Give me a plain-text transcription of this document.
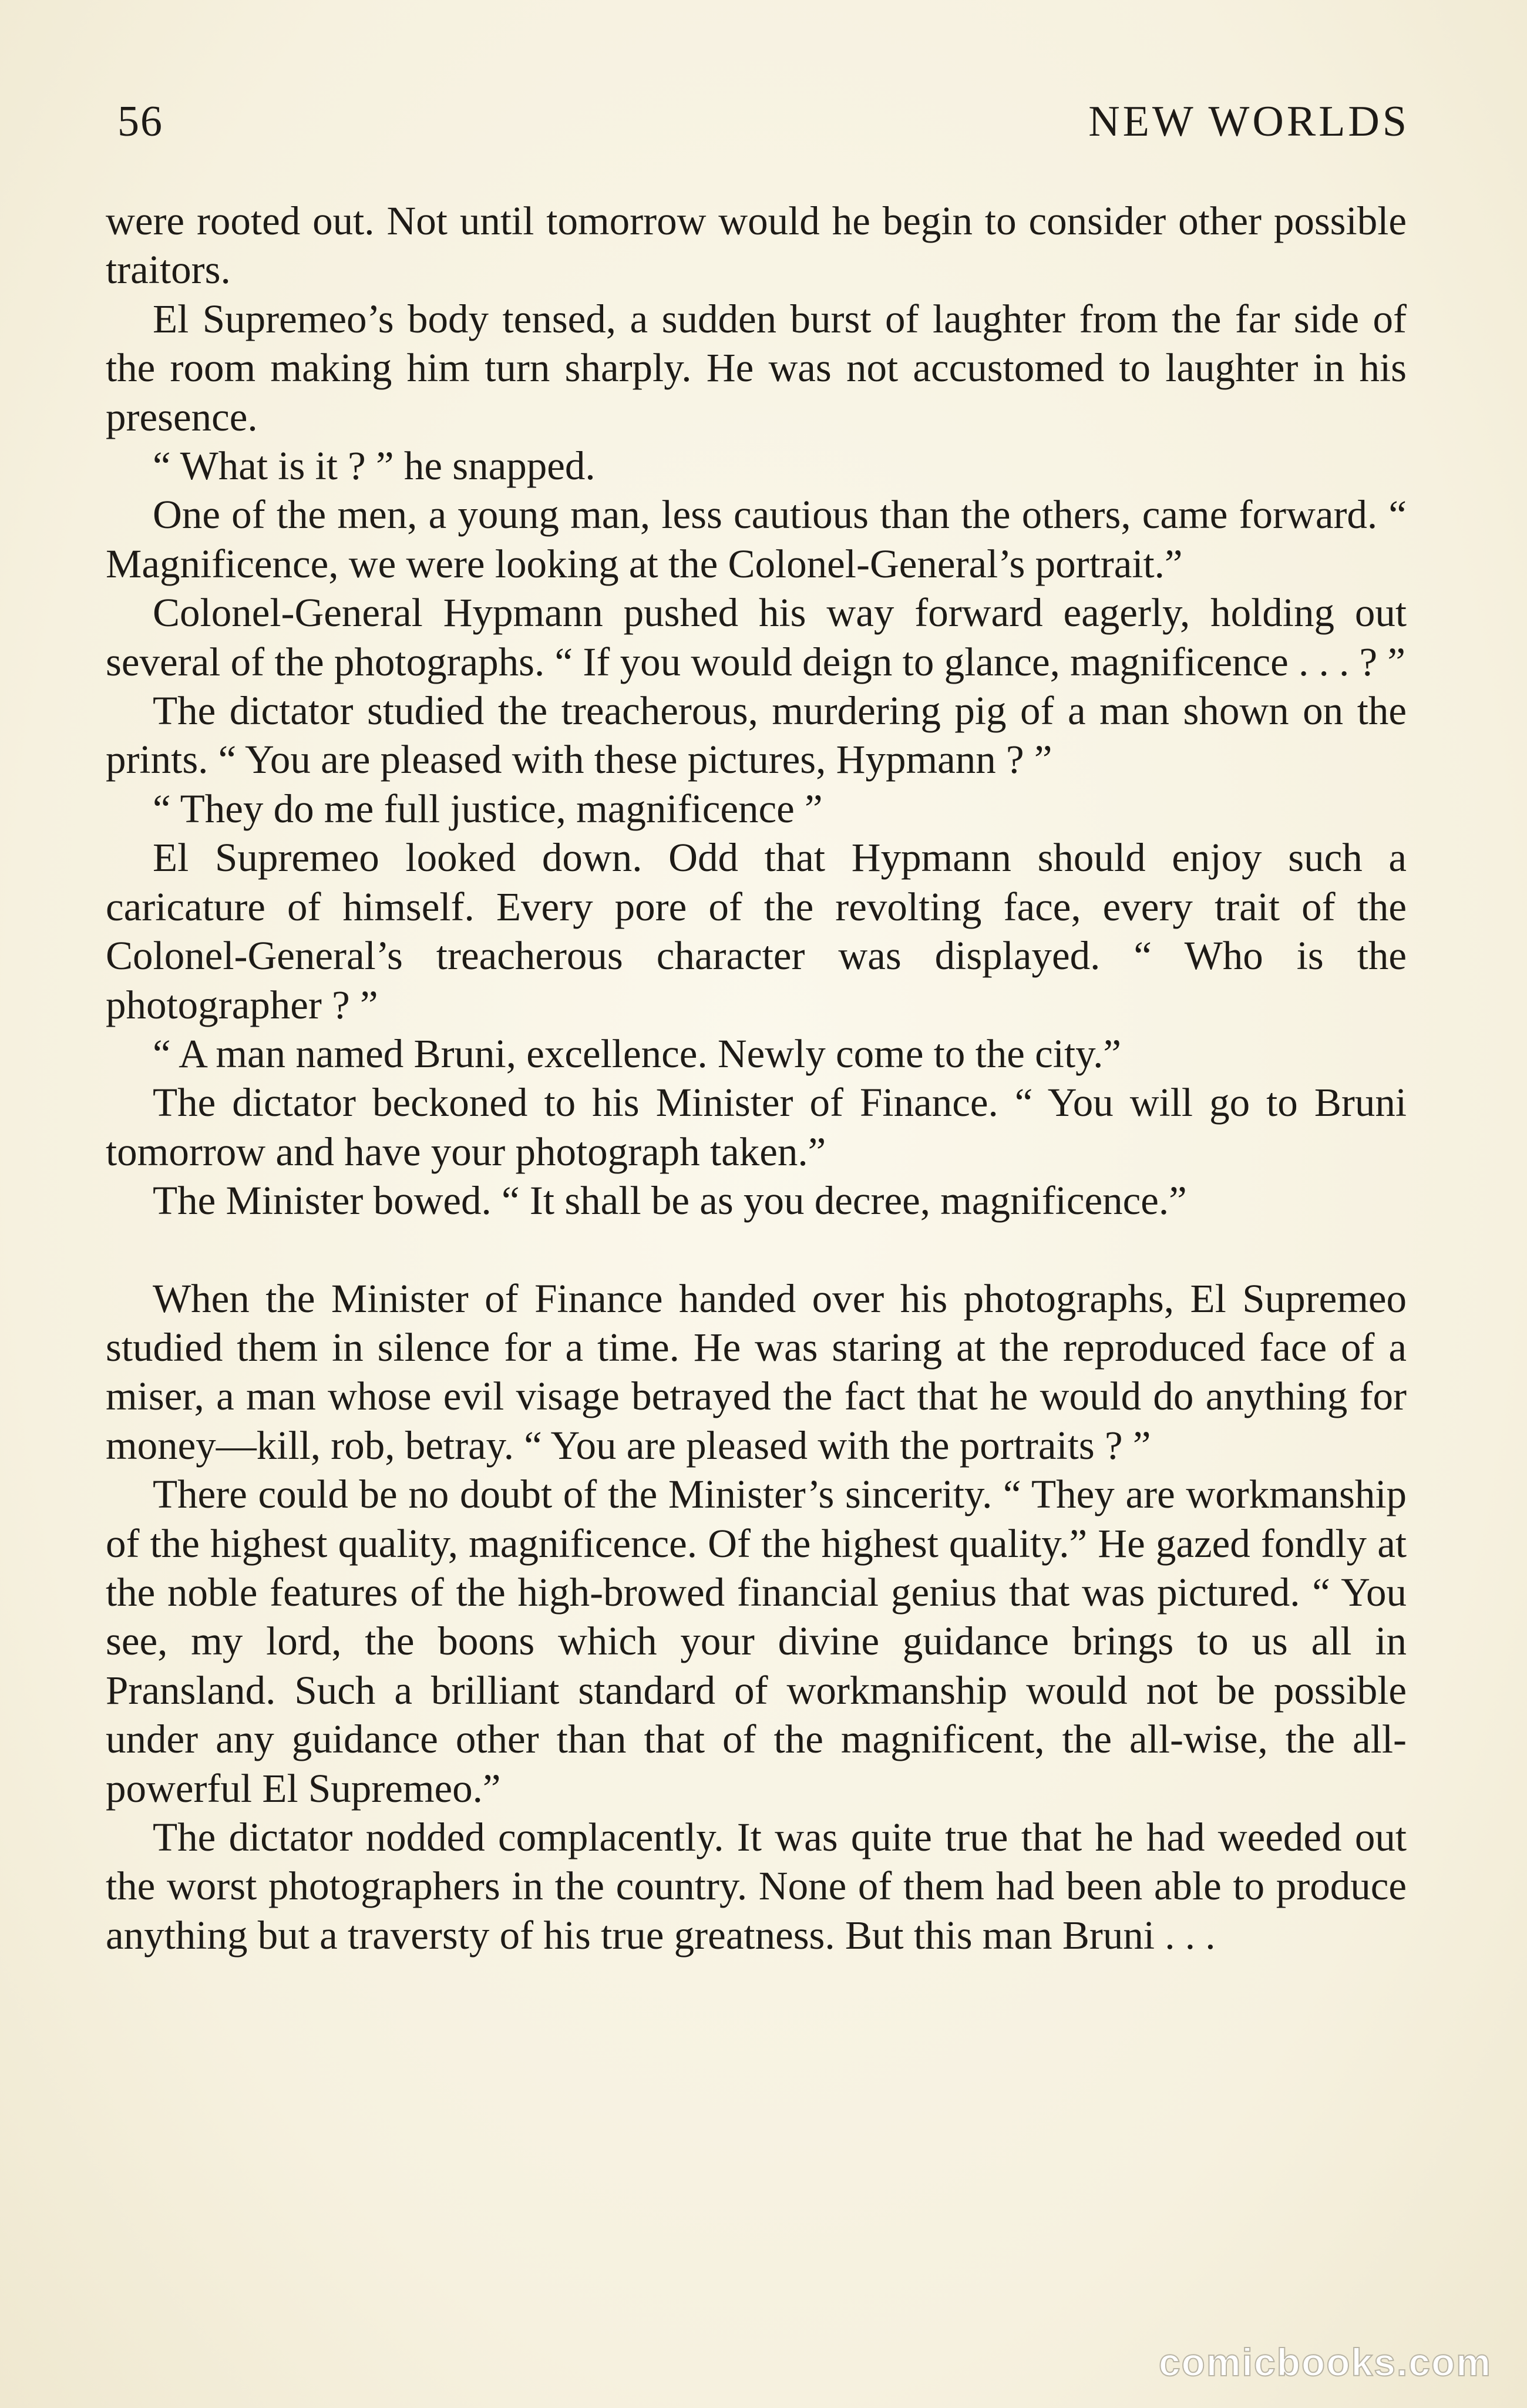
56	NEW WORLDS

were rooted out. Not until tomorrow would he begin to consider other possible traitors.

El Supremeo’s body tensed, a sudden burst of laughter from the far side of the room making him turn sharply. He was not accustomed to laughter in his presence.

“ What is it ? ” he snapped.

One of the men, a young man, less cautious than the others, came forward. “ Magnificence, we were looking at the Colonel-General’s portrait.”

Colonel-General Hypmann pushed his way forward eagerly, holding out several of the photographs. “ If you would deign to glance, magnificence . . . ? ”

The dictator studied the treacherous, murdering pig of a man shown on the prints. “ You are pleased with these pictures, Hypmann ? ”

“ They do me full justice, magnificence ”

El Supremeo looked down. Odd that Hypmann should enjoy such a caricature of himself. Every pore of the revolting face, every trait of the Colonel-General’s treacherous character was displayed. “ Who is the photographer ? ”

“ A man named Bruni, excellence. Newly come to the city.”

The dictator beckoned to his Minister of Finance. “ You will go to Bruni tomorrow and have your photograph taken.”

The Minister bowed. “ It shall be as you decree, magnificence.”

When the Minister of Finance handed over his photographs, El Supremeo studied them in silence for a time. He was staring at the reproduced face of a miser, a man whose evil visage betrayed the fact that he would do anything for money—kill, rob, betray. “ You are pleased with the portraits ? ”

There could be no doubt of the Minister’s sincerity. “ They are workmanship of the highest quality, magnificence. Of the highest quality.” He gazed fondly at the noble features of the high-browed financial genius that was pictured. “ You see, my lord, the boons which your divine guidance brings to us all in Pransland. Such a brilliant standard of workmanship would not be possible under any guidance other than that of the magnificent, the all-wise, the all-powerful El Supremeo.”

The dictator nodded complacently. It was quite true that he had weeded out the worst photographers in the country. None of them had been able to produce anything but a traversty of his true greatness. But this man Bruni . . .

comicbooks.com
